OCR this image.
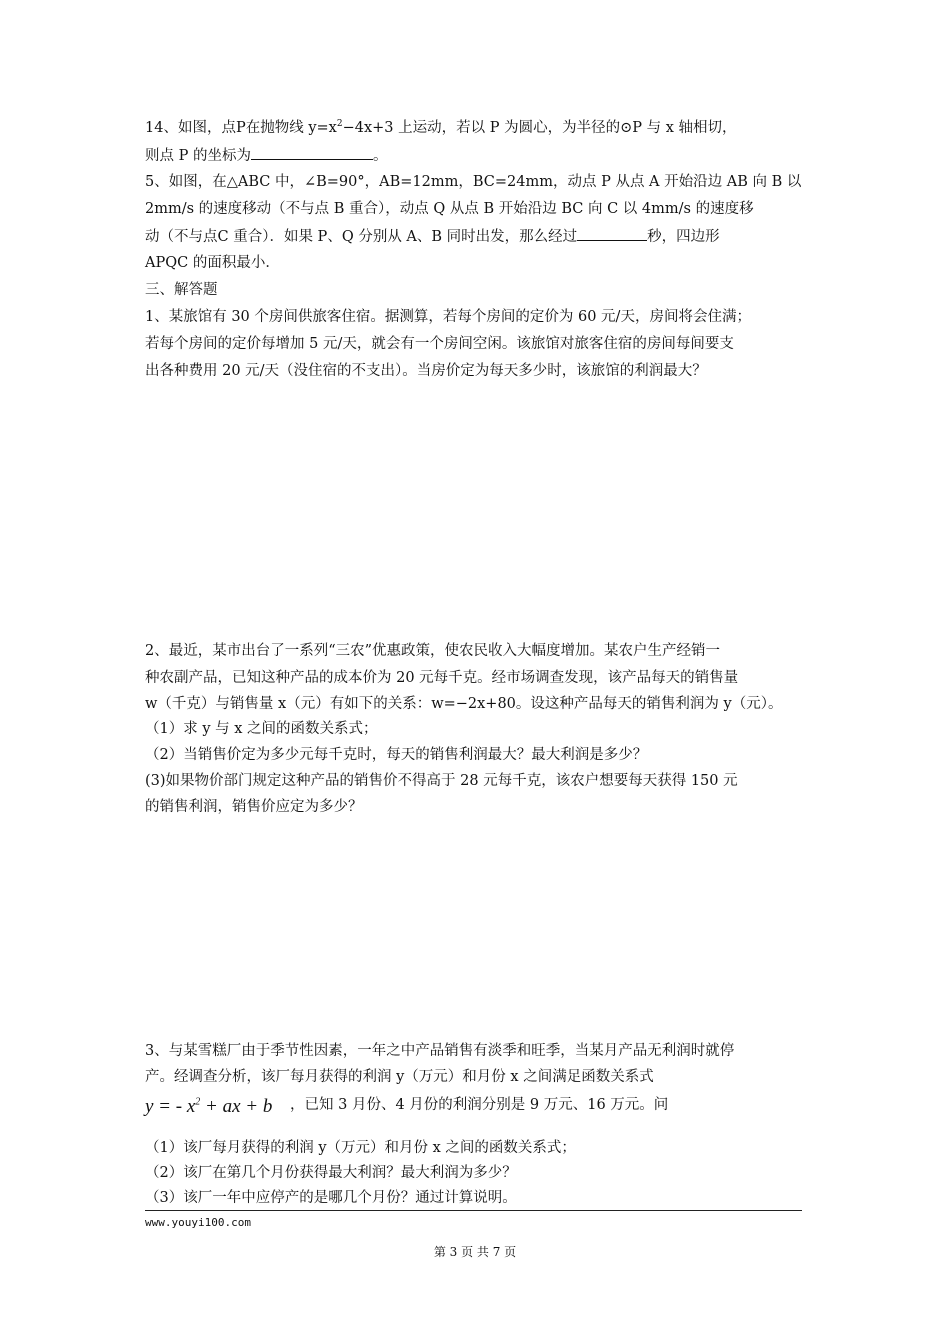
14、如图，点P在抛物线 $y=x^2-4x+3$ 上运动，若以 P 为圆心，为半径的⊙P 与 x 轴相切，
则点 P 的坐标为	。
5、如图，在△ABC 中，∠B=90°，AB=12mm，BC=24mm，动点 P 从点 A 开始沿边 AB 向 B 以
2mm/s 的速度移动（不与点 B 重合），动点 Q 从点 B 开始沿边 BC 向 C 以 4mm/s 的速度移
动（不与点C 重合）．如果 P、Q 分别从 A、B 同时出发，那么经过	秒，四边形
APQC 的面积最小．
三、解答题
1、某旅馆有 30 个房间供旅客住宿。据测算，若每个房间的定价为 60 元/天，房间将会住满；
若每个房间的定价每增加 5 元/天，就会有一个房间空闲。该旅馆对旅客住宿的房间每间要支
出各种费用 20 元/天（没住宿的不支出）。当房价定为每天多少时，该旅馆的利润最大？
2、最近，某市出台了一系列“三农”优惠政策，使农民收入大幅度增加。某农户生产经销一
种农副产品，已知这种产品的成本价为 20 元每千克。经市场调查发现，该产品每天的销售量
w（千克）与销售量 x（元）有如下的关系：w=−2x+80。设这种产品每天的销售利润为 y（元）。
（1）求 y 与 x 之间的函数关系式；
（2）当销售价定为多少元每千克时，每天的销售利润最大？最大利润是多少？
(3)如果物价部门规定这种产品的销售价不得高于 28 元每千克，该农户想要每天获得 150 元
的销售利润，销售价应定为多少？
3、与某雪糕厂由于季节性因素，一年之中产品销售有淡季和旺季，当某月产品无利润时就停
产。经调查分析，该厂每月获得的利润 y（万元）和月份 x 之间满足函数关系式
y = - $x^2$ + ax + b ，已知 3 月份、4 月份的利润分别是 9 万元、16 万元。问
（1）该厂每月获得的利润 y（万元）和月份 x 之间的函数关系式；
（2）该厂在第几个月份获得最大利润？最大利润为多少？
（3）该厂一年中应停产的是哪几个月份？通过计算说明。
www.youyi100.com
第 3 页 共 7 页
